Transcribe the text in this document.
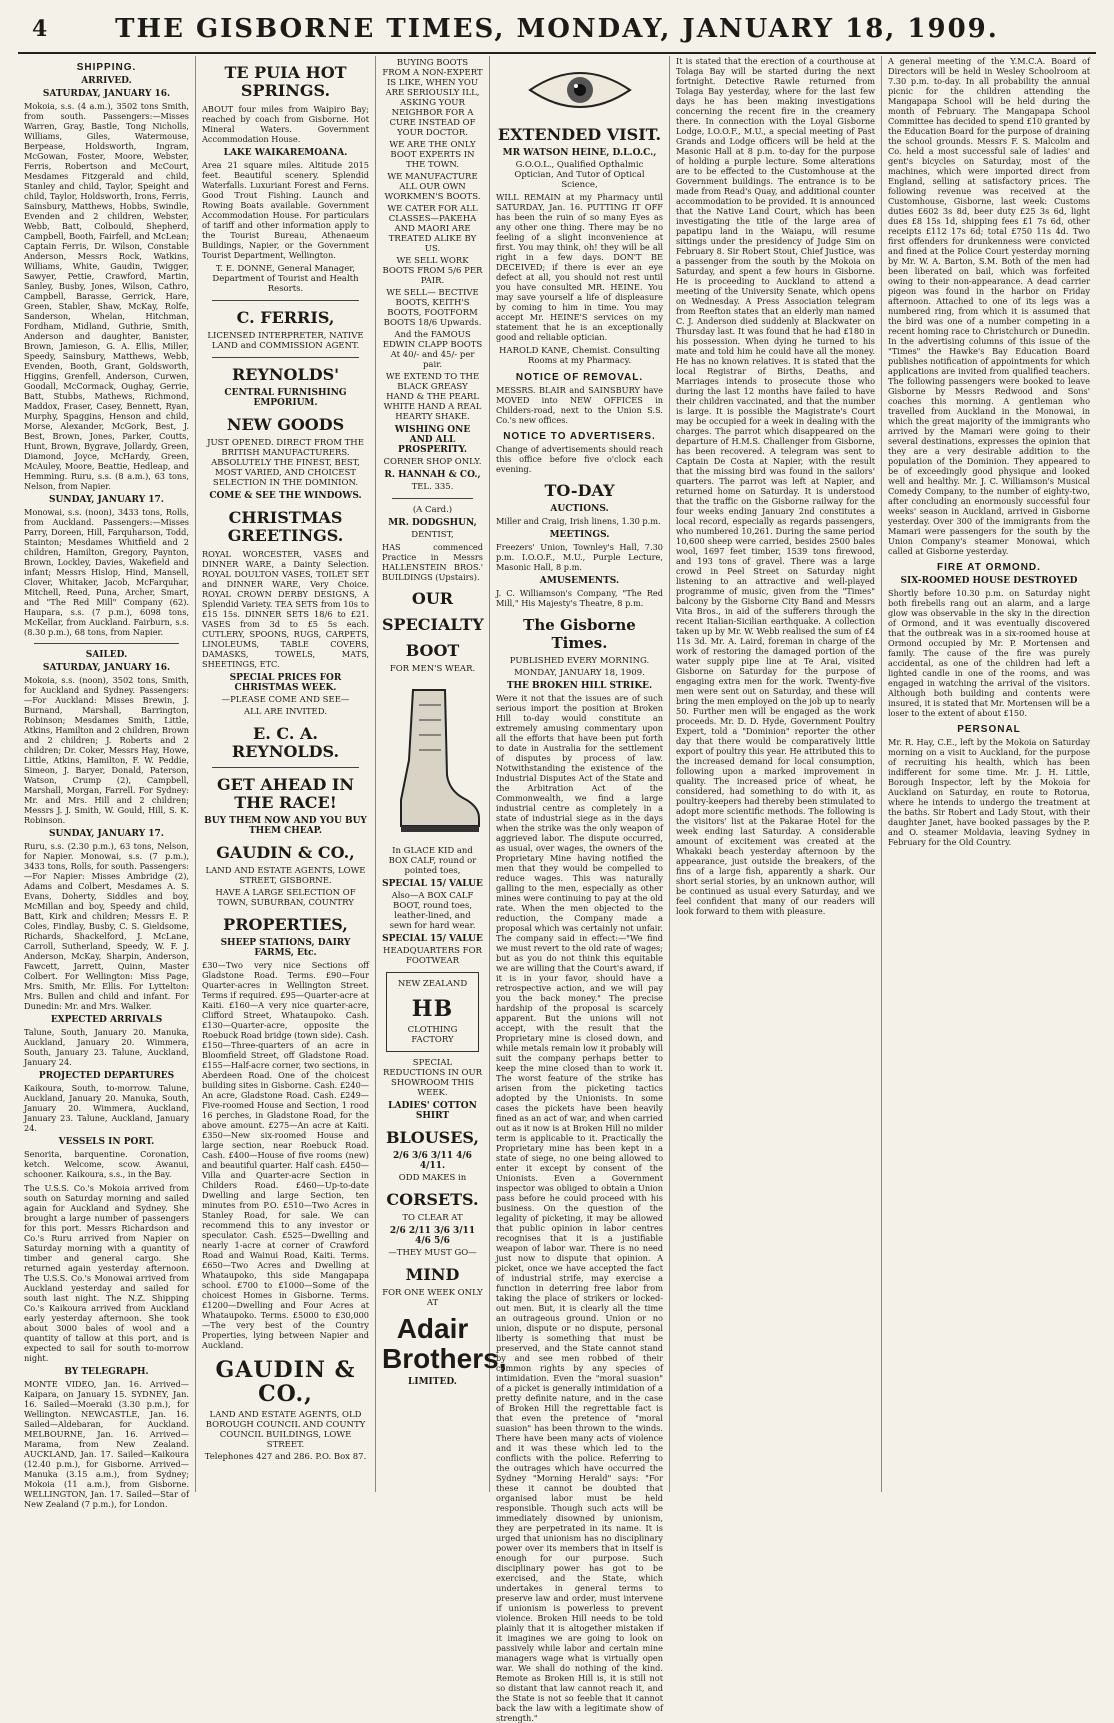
4	THE GISBORNE TIMES, MONDAY, JANUARY 18, 1909.
SHIPPING.
ARRIVED.
SATURDAY, JANUARY 16.

Mokoia, s.s. (4 a.m.), 3502 tons Smith, from south. Passengers:—Misses Warren, Gray, Bastle, Tong Nicholls, Williams, Giles, Watermouse, Berpease, Holdsworth, Ingram, McGowan, Foster, Moore, Webster, Ferris, Robertson and McCourt, Mesdames Fitzgerald and child, Stanley and child, Taylor, Speight and child, Taylor, Holdsworth, Irons, Ferris, Sainsbury, Matthews, Hobbs, Swindle, Evenden and 2 children, Webster, Webb, Batt, Colbould, Shepherd, Campbell, Booth, Fairfell, and McLean; Captain Ferris, Dr. Wilson, Constable Anderson, Messrs Rock, Watkins, Williams, White, Gaudin, Twigger, Sawyer, Pettie, Crawford, Martin, Sanley, Busby, Jones, Wilson, Cathro, Campbell, Barasse, Gerrick, Hare, Green, Stabler, Shaw, McKay, Rolfe, Sanderson, Whelan, Hitchman, Fordham, Midland, Guthrie, Smith, Anderson and daughter, Banister, Brown, Jamieson, G. A. Ellis, Miller, Speedy, Sainsbury, Matthews, Webb, Evenden, Booth, Grant, Goldsworth, Higgins, Grenfell, Anderson, Curwen, Goodall, McCormack, Oughay, Gerrie, Batt, Stubbs, Mathews, Richmond, Maddox, Fraser, Casey, Bennett, Ryan, Murphy, Spaggins, Henson and child, Morse, Alexander, McGork, Best, J. Best, Brown, Jones, Parker, Coutts, Hunt, Brown, Bygrave, Jollardy, Green, Diamond, Joyce, McHardy, Green, McAuley, Moore, Beattie, Hedleap, and Hemming. Ruru, s.s. (8 a.m.), 63 tons, Nelson, from Napier.

SUNDAY, JANUARY 17.

Monowai, s.s. (noon), 3433 tons, Rolls, from Auckland. Passengers:—Misses Parry, Doreen, Hill, Farquharson, Todd, Stainton; Mesdames Whitfield and 2 children, Hamilton, Gregory, Paynton, Brown, Lockley, Davies, Wakefield and infant; Messrs Hislop, Hind, Mansell, Clover, Whitaker, Jacob, McFarquhar, Mitchell, Reed, Puna, Archer, Smart, and "The Red Mill" Company (62). Haupara, s.s. (7 p.m.), 6098 tons, McKellar, from Auckland. Fairburn, s.s. (8.30 p.m.), 68 tons, from Napier.

SAILED.
SATURDAY, JANUARY 16.

Mokoia, s.s. (noon), 3502 tons, Smith, for Auckland and Sydney. Passengers:—For Auckland: Misses Brewin, J. Burnand, Marshall, Barrington, Robinson; Mesdames Smith, Little, Atkins, Hamilton and 2 children, Brown and 2 children; J. Roberts and 2 children; Dr. Coker, Messrs Hay, Howe, Little, Atkins, Hamilton, F. W. Peddie, Simeon, J. Baryer, Donald, Paterson, Watson, Crump (2), Campbell, Marshall, Morgan, Farrell. For Sydney: Mr. and Mrs. Hill and 2 children; Messrs J. J. Smith, W. Gould, Hill, S. K. Robinson.

SUNDAY, JANUARY 17.

Ruru, s.s. (2.30 p.m.), 63 tons, Nelson, for Napier. Monowai, s.s. (7 p.m.), 3433 tons, Rolls, for south. Passengers:—For Napier: Misses Ambridge (2), Adams and Colbert, Mesdames A. S. Evans, Doherty, Siddles and boy, McMillan and boy, Speedy and child, Batt, Kirk and children; Messrs E. P. Coles, Findlay, Busby, C. S. Gieldsome, Richards, Shackelford, J. McLane, Carroll, Sutherland, Speedy, W. F. J. Anderson, McKay, Sharpin, Anderson, Fawcett, Jarrett, Quinn, Master Colbert. For Wellington: Miss Page, Mrs. Smith, Mr. Ellis. For Lyttelton: Mrs. Bullen and child and infant. For Dunedin: Mr. and Mrs. Walker.

EXPECTED ARRIVALS

Talune, South, January 20. Manuka, Auckland, January 20. Wimmera, South, January 23. Talune, Auckland, January 24.

PROJECTED DEPARTURES

Kaikoura, South, to-morrow. Talune, Auckland, January 20. Manuka, South, January 20. Wimmera, Auckland, January 23. Talune, Auckland, January 24.

VESSELS IN PORT.

Senorita, barquentine. Coronation, ketch. Welcome, scow. Awanui, schooner. Kaikoura, s.s., in the Bay.

The U.S.S. Co.'s Mokoia arrived from south on Saturday morning and sailed again for Auckland and Sydney. She brought a large number of passengers for this port. Messrs Richardson and Co.'s Ruru arrived from Napier on Saturday morning with a quantity of timber and general cargo. She returned again yesterday afternoon. The U.S.S. Co.'s Monowai arrived from Auckland yesterday and sailed for south last night. The N.Z. Shipping Co.'s Kaikoura arrived from Auckland early yesterday afternoon. She took about 3000 bales of wool and a quantity of tallow at this port, and is expected to sail for south to-morrow night.

BY TELEGRAPH.

MONTE VIDEO, Jan. 16. Arrived—Kaipara, on January 15. SYDNEY, Jan. 16. Sailed—Moeraki (3.30 p.m.), for Wellington. NEWCASTLE, Jan. 16. Sailed—Aldebaran, for Auckland. MELBOURNE, Jan. 16. Arrived—Marama, from New Zealand. AUCKLAND, Jan. 17. Sailed—Kaikoura (12.40 p.m.), for Gisborne. Arrived—Manuka (3.15 a.m.), from Sydney; Mokoia (11 a.m.), from Gisborne. WELLINGTON, Jan. 17. Sailed—Star of New Zealand (7 p.m.), for London.

TE PUIA HOT SPRINGS.

ABOUT four miles from Waipiro Bay; reached by coach from Gisborne. Hot Mineral Waters. Government Accommodation House.

LAKE WAIKAREMOANA.

Area 21 square miles. Altitude 2015 feet. Beautiful scenery. Splendid Waterfalls. Luxuriant Forest and Ferns. Good Trout Fishing. Launch and Rowing Boats available. Government Accommodation House. For particulars of tariff and other information apply to the Tourist Bureau, Athenaeum Buildings, Napier, or the Government Tourist Department, Wellington.

T. E. DONNE, General Manager, Department of Tourist and Health Resorts.

C. FERRIS,

LICENSED INTERPRETER, NATIVE LAND and COMMISSION AGENT.

REYNOLDS'
CENTRAL FURNISHING EMPORIUM.
NEW GOODS

JUST OPENED. DIRECT FROM THE BRITISH MANUFACTURERS. ABSOLUTELY THE FINEST, BEST, MOST VARIED, AND CHOICEST SELECTION IN THE DOMINION.

COME & SEE THE WINDOWS.
CHRISTMAS GREETINGS.

ROYAL WORCESTER, VASES and DINNER WARE, a Dainty Selection. ROYAL DOULTON VASES, TOILET SET and DINNER WARE, Very Choice. ROYAL CROWN DERBY DESIGNS, A Splendid Variety. TEA SETS from 10s to £15 15s. DINNER SETS 18/6 to £21. VASES from 3d to £5 5s each. CUTLERY, SPOONS, RUGS, CARPETS, LINOLEUMS, TABLE COVERS, DAMASKS, TOWELS, MATS, SHEETINGS, ETC.

SPECIAL PRICES FOR CHRISTMAS WEEK.

—PLEASE COME AND SEE—

ALL ARE INVITED.

E. C. A. REYNOLDS.
GET AHEAD IN THE RACE!
BUY THEM NOW AND YOU BUY THEM CHEAP.
GAUDIN & CO.,

LAND AND ESTATE AGENTS, LOWE STREET, GISBORNE.

HAVE A LARGE SELECTION OF TOWN, SUBURBAN, COUNTRY

PROPERTIES,
SHEEP STATIONS, DAIRY FARMS, Etc.

£30—Two very nice Sections off Gladstone Road. Terms. £90—Four Quarter-acres in Wellington Street. Terms if required. £95—Quarter-acre at Kaiti. £160—A very nice quarter-acre, Clifford Street, Whataupoko. Cash. £130—Quarter-acre, opposite the Roebuck Road bridge (town side). Cash. £150—Three-quarters of an acre in Bloomfield Street, off Gladstone Road. £155—Half-acre corner, two sections, in Aberdeen Road. One of the choicest building sites in Gisborne. Cash. £240—An acre, Gladstone Road. Cash. £249—Five-roomed House and Section, 1 rood 16 perches, in Gladstone Road, for the above amount. £275—An acre at Kaiti. £350—New six-roomed House and large section, near Roebuck Road. Cash. £400—House of five rooms (new) and beautiful quarter. Half cash. £450—Villa and Quarter-acre Section in Childers Road. £460—Up-to-date Dwelling and large Section, ten minutes from P.O. £510—Two Acres in Stanley Road, for sale. We can recommend this to any investor or speculator. Cash. £525—Dwelling and nearly 1-acre at corner of Crawford Road and Wainui Road, Kaiti. Terms. £650—Two Acres and Dwelling at Whataupoko, this side Mangapapa school. £700 to £1000—Some of the choicest Homes in Gisborne. Terms. £1200—Dwelling and Four Acres at Whataupoko. Terms. £5000 to £30,000—The very best of the Country Properties, lying between Napier and Auckland.

GAUDIN & CO.,

LAND AND ESTATE AGENTS, OLD BOROUGH COUNCIL AND COUNTY COUNCIL BUILDINGS, LOWE STREET.

Telephones 427 and 286. P.O. Box 87.

BUYING BOOTS FROM A NON-EXPERT IS LIKE, WHEN YOU ARE SERIOUSLY ILL, ASKING YOUR NEIGHBOR FOR A CURE INSTEAD OF YOUR DOCTOR.

WE ARE THE ONLY BOOT EXPERTS IN THE TOWN.

WE MANUFACTURE ALL OUR OWN WORKMEN'S BOOTS.

WE CATER FOR ALL CLASSES—PAKEHA AND MAORI ARE TREATED ALIKE BY US.

WE SELL WORK BOOTS FROM 5/6 PER PAIR.

WE SELL— BECTIVE BOOTS, KEITH'S BOOTS, FOOTFORM BOOTS 18/6 Upwards.

And the FAMOUS EDWIN CLAPP BOOTS At 40/- and 45/- per pair.

WE EXTEND TO THE BLACK GREASY HAND & THE PEARL WHITE HAND A REAL HEARTY SHAKE.

WISHING ONE AND ALL PROSPERITY.

CORNER SHOP ONLY.

R. HANNAH & CO.,

TEL. 335.

(A Card.)

MR. DODGSHUN,

DENTIST,

HAS commenced Practice in Messrs HALLENSTEIN BROS.' BUILDINGS (Upstairs).

OUR
SPECIALTY
BOOT

FOR MEN'S WEAR.

In GLACE KID and BOX CALF, round or pointed toes,

SPECIAL 15/ VALUE

Also—A BOX CALF BOOT, round toes, leather-lined, and sewn for hard wear.

SPECIAL 15/ VALUE

HEADQUARTERS FOR FOOTWEAR

NEW ZEALAND
HB
CLOTHING FACTORY

SPECIAL REDUCTIONS IN OUR SHOWROOM THIS WEEK.

LADIES' COTTON SHIRT
BLOUSES,
2/6 3/6 3/11 4/6 4/11.

ODD MAKES in

CORSETS.

TO CLEAR AT

2/6 2/11 3/6 3/11 4/6 5/6

—THEY MUST GO—

MIND

FOR ONE WEEK ONLY AT

Adair Brothers,
LIMITED.
EXTENDED VISIT.
MR WATSON HEINE, D.L.O.C.,

G.O.O.L., Qualified Opthalmic Optician, And Tutor of Optical Science,

WILL REMAIN at my Pharmacy until SATURDAY, Jan. 16. PUTTING IT OFF has been the ruin of so many Eyes as any other one thing. There may be no feeling of a slight inconvenience at first. You may think, oh! they will be all right in a few days. DON'T BE DECEIVED; if there is ever an eye defect at all, you should not rest until you have consulted MR. HEINE. You may save yourself a life of displeasure by coming to him in time. You may accept Mr. HEINE'S services on my statement that he is an exceptionally good and reliable optician.

HAROLD KANE, Chemist. Consulting Rooms at my Pharmacy.

NOTICE OF REMOVAL.

MESSRS. BLAIR and SAINSBURY have MOVED into NEW OFFICES in Childers-road, next to the Union S.S. Co.'s new offices.

NOTICE TO ADVERTISERS.

Change of advertisements should reach this office before five o'clock each evening.

TO-DAY
AUCTIONS.

Miller and Craig, Irish linens, 1.30 p.m.

MEETINGS.

Freezers' Union, Townley's Hall, 7.30 p.m. I.O.O.F., M.U., Purple Lecture, Masonic Hall, 8 p.m.

AMUSEMENTS.

J. C. Williamson's Company, "The Red Mill," His Majesty's Theatre, 8 p.m.

The Gisborne Times.

PUBLISHED EVERY MORNING.

MONDAY, JANUARY 18, 1909.

THE BROKEN HILL STRIKE.

Were it not that the issues are of such serious import the position at Broken Hill to-day would constitute an extremely amusing commentary upon all the efforts that have been put forth to date in Australia for the settlement of disputes by process of law. Notwithstanding the existence of the Industrial Disputes Act of the State and the Arbitration Act of the Commonwealth, we find a large industrial centre as completely in a state of industrial siege as in the days when the strike was the only weapon of aggrieved labor. The dispute occurred, as usual, over wages, the owners of the Proprietary Mine having notified the men that they would be compelled to reduce wages. This was naturally galling to the men, especially as other mines were continuing to pay at the old rate. When the men objected to the reduction, the Company made a proposal which was certainly not unfair. The company said in effect:—"We find we must revert to the old rate of wages; but as you do not think this equitable we are willing that the Court's award, if it is in your favor, should have a retrospective action, and we will pay you the back money." The precise hardship of the proposal is scarcely apparent. But the unions will not accept, with the result that the Proprietary mine is closed down, and while metals remain low it probably will suit the company perhaps better to keep the mine closed than to work it. The worst feature of the strike has arisen from the picketing tactics adopted by the Unionists. In some cases the pickets have been heavily fined as an act of war, and when carried out as it now is at Broken Hill no milder term is applicable to it. Practically the Proprietary mine has been kept in a state of siege, no one being allowed to enter it except by consent of the Unionists. Even a Government inspector was obliged to obtain a Union pass before he could proceed with his business. On the question of the legality of picketing, it may be allowed that public opinion in labor centres recognises that it is a justifiable weapon of labor war. There is no need just now to dispute that opinion. A picket, once we have accepted the fact of industrial strife, may exercise a function in deterring free labor from taking the place of strikers or locked-out men. But, it is clearly all the time an outrageous ground. Union or no union, dispute or no dispute, personal liberty is something that must be preserved, and the State cannot stand by and see men robbed of their common rights by any species of intimidation. Even the "moral suasion" of a picket is generally intimidation of a pretty definite nature, and in the case of Broken Hill the regrettable fact is that even the pretence of "moral suasion" has been thrown to the winds. There have been many acts of violence and it was these which led to the conflicts with the police. Referring to the outrages which have occurred the Sydney "Morning Herald" says: "For these it cannot be doubted that organised labor must be held responsible. Though such acts will be immediately disowned by unionism, they are perpetrated in its name. It is urged that unionism has no disciplinary power over its members that in itself is enough for our purpose. Such disciplinary power has got to be exercised, and the State, which undertakes in general terms to preserve law and order, must intervene if unionism is powerless to prevent violence. Broken Hill needs to be told plainly that it is altogether mistaken if it imagines we are going to look on passively while labor and certain mine managers wage what is virtually open war. We shall do nothing of the kind. Remote as Broken Hill is, it is still not so distant that law cannot reach it, and the State is not so feeble that it cannot back the law with a legitimate show of strength."

It is stated that the erection of a courthouse at Tolaga Bay will be started during the next fortnight. Detective Rawle returned from Tolaga Bay yesterday, where for the last few days he has been making investigations concerning the recent fire in the creamery there. In connection with the Loyal Gisborne Lodge, I.O.O.F., M.U., a special meeting of Past Grands and Lodge officers will be held at the Masonic Hall at 8 p.m. to-day for the purpose of holding a purple lecture. Some alterations are to be effected to the Customhouse at the Government buildings. The entrance is to be made from Read's Quay, and additional counter accommodation to be provided. It is announced that the Native Land Court, which has been investigating the title of the large area of papatipu land in the Waiapu, will resume sittings under the presidency of Judge Sim on February 8. Sir Robert Stout, Chief Justice, was a passenger from the south by the Mokoia on Saturday, and spent a few hours in Gisborne. He is proceeding to Auckland to attend a meeting of the University Senate, which opens on Wednesday. A Press Association telegram from Reefton states that an elderly man named C. J. Anderson died suddenly at Blackwater on Thursday last. It was found that he had £180 in his possession. When dying he turned to his mate and told him he could have all the money. He has no known relatives. It is stated that the local Registrar of Births, Deaths, and Marriages intends to prosecute those who during the last 12 months have failed to have their children vaccinated, and that the number is large. It is possible the Magistrate's Court may be occupied for a week in dealing with the charges. The parrot which disappeared on the departure of H.M.S. Challenger from Gisborne, has been recovered. A telegram was sent to Captain De Costa at Napier, with the result that the missing bird was found in the sailors' quarters. The parrot was left at Napier, and returned home on Saturday. It is understood that the traffic on the Gisborne railway for the four weeks ending January 2nd constitutes a local record, especially as regards passengers, who numbered 10,261. During the same period 10,600 sheep were carried, besides 2500 bales wool, 1697 feet timber, 1539 tons firewood, and 193 tons of gravel. There was a large crowd in Peel Street on Saturday night listening to an attractive and well-played programme of music, given from the "Times" balcony by the Gisborne City Band and Messrs Vita Bros., in aid of the sufferers through the recent Italian-Sicilian earthquake. A collection taken up by Mr. W. Webb realised the sum of £4 11s 3d. Mr. A. Laird, foreman in charge of the work of restoring the damaged portion of the water supply pipe line at Te Arai, visited Gisborne on Saturday for the purpose of engaging extra men for the work. Twenty-five men were sent out on Saturday, and these will bring the men employed on the job up to nearly 50. Further men will be engaged as the work proceeds. Mr. D. D. Hyde, Government Poultry Expert, told a "Dominion" reporter the other day that there would be comparatively little export of poultry this year. He attributed this to the increased demand for local consumption, following upon a marked improvement in quality. The increased price of wheat, he considered, had something to do with it, as poultry-keepers had thereby been stimulated to adopt more scientific methods. The following is the visitors' list at the Pakarae Hotel for the week ending last Saturday. A considerable amount of excitement was created at the Whakaki beach yesterday afternoon by the appearance, just outside the breakers, of the fins of a large fish, apparently a shark. Our short serial stories, by an unknown author, will be continued as usual every Saturday, and we feel confident that many of our readers will look forward to them with pleasure.

A general meeting of the Y.M.C.A. Board of Directors will be held in Wesley Schoolroom at 7.30 p.m. to-day. In all probability the annual picnic for the children attending the Mangapapa School will be held during the month of February. The Mangapapa School Committee has decided to spend £10 granted by the Education Board for the purpose of draining the school grounds. Messrs F. S. Malcolm and Co. held a most successful sale of ladies' and gent's bicycles on Saturday, most of the machines, which were imported direct from England, selling at satisfactory prices. The following revenue was received at the Customhouse, Gisborne, last week: Customs duties £602 3s 8d, beer duty £25 3s 6d, light dues £8 15s 1d, shipping fees £1 7s 6d, other receipts £112 17s 6d; total £750 11s 4d. Two first offenders for drunkenness were convicted and fined at the Police Court yesterday morning by Mr. W. A. Barton, S.M. Both of the men had been liberated on bail, which was forfeited owing to their non-appearance. A dead carrier pigeon was found in the harbor on Friday afternoon. Attached to one of its legs was a numbered ring, from which it is assumed that the bird was one of a number competing in a recent homing race to Christchurch or Dunedin. In the advertising columns of this issue of the "Times" the Hawke's Bay Education Board publishes notification of appointments for which applications are invited from qualified teachers. The following passengers were booked to leave Gisborne by Messrs Redwood and Sons' coaches this morning. A gentleman who travelled from Auckland in the Monowai, in which the great majority of the immigrants who arrived by the Mamari were going to their several destinations, expresses the opinion that they are a very desirable addition to the population of the Dominion. They appeared to be of exceedingly good physique and looked well and healthy. Mr. J. C. Williamson's Musical Comedy Company, to the number of eighty-two, after concluding an enormously successful four weeks' season in Auckland, arrived in Gisborne yesterday. Over 300 of the immigrants from the Mamari were passengers for the south by the Union Company's steamer Monowai, which called at Gisborne yesterday.

FIRE AT ORMOND.
SIX-ROOMED HOUSE DESTROYED

Shortly before 10.30 p.m. on Saturday night both firebells rang out an alarm, and a large glow was observable in the sky in the direction of Ormond, and it was eventually discovered that the outbreak was in a six-roomed house at Ormond occupied by Mr. P. Mortensen and family. The cause of the fire was purely accidental, as one of the children had left a lighted candle in one of the rooms, and was engaged in watching the arrival of the visitors. Although both building and contents were insured, it is stated that Mr. Mortensen will be a loser to the extent of about £150.

PERSONAL

Mr. R. Hay, C.E., left by the Mokoia on Saturday morning on a visit to Auckland, for the purpose of recruiting his health, which has been indifferent for some time. Mr. J. H. Little, Borough Inspector, left by the Mokoia for Auckland on Saturday, en route to Rotorua, where he intends to undergo the treatment at the baths. Sir Robert and Lady Stout, with their daughter Janet, have booked passages by the P. and O. steamer Moldavia, leaving Sydney in February for the Old Country.
